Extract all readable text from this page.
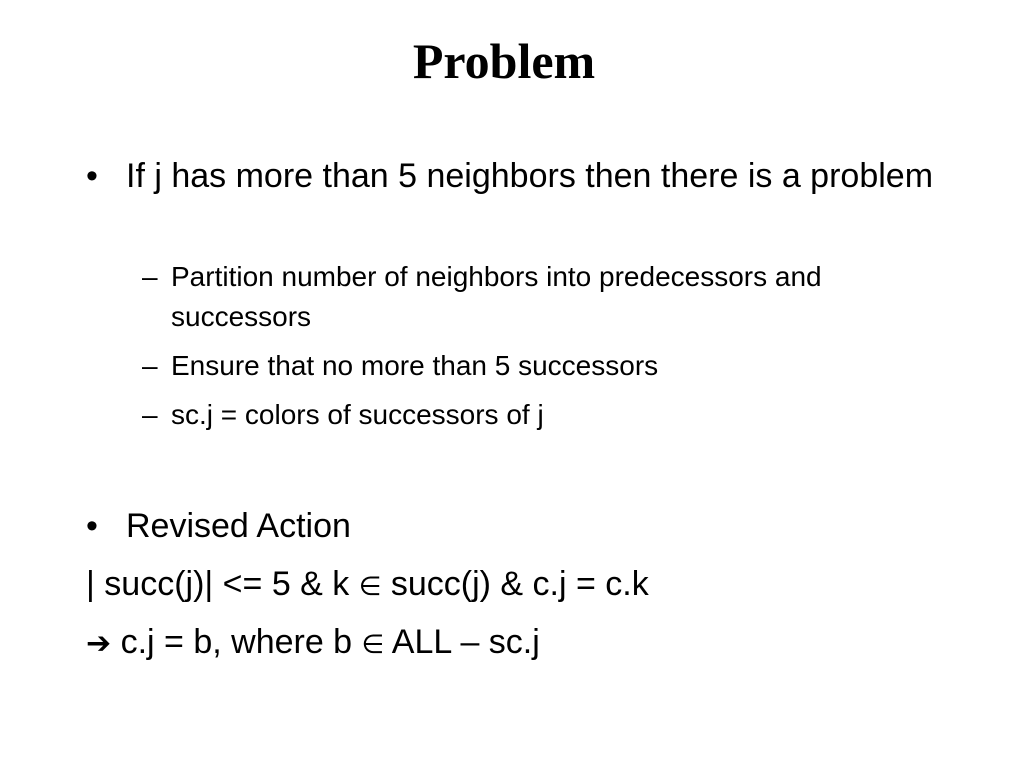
Problem
• If j has more than 5 neighbors then there is a problem
– Partition number of neighbors into predecessors and successors
– Ensure that no more than 5 successors
– sc.j = colors of successors of j
• Revised Action
| succ(j)| <= 5 & k ∈ succ(j) & c.j = c.k
➔ c.j = b, where b ∈ ALL – sc.j
